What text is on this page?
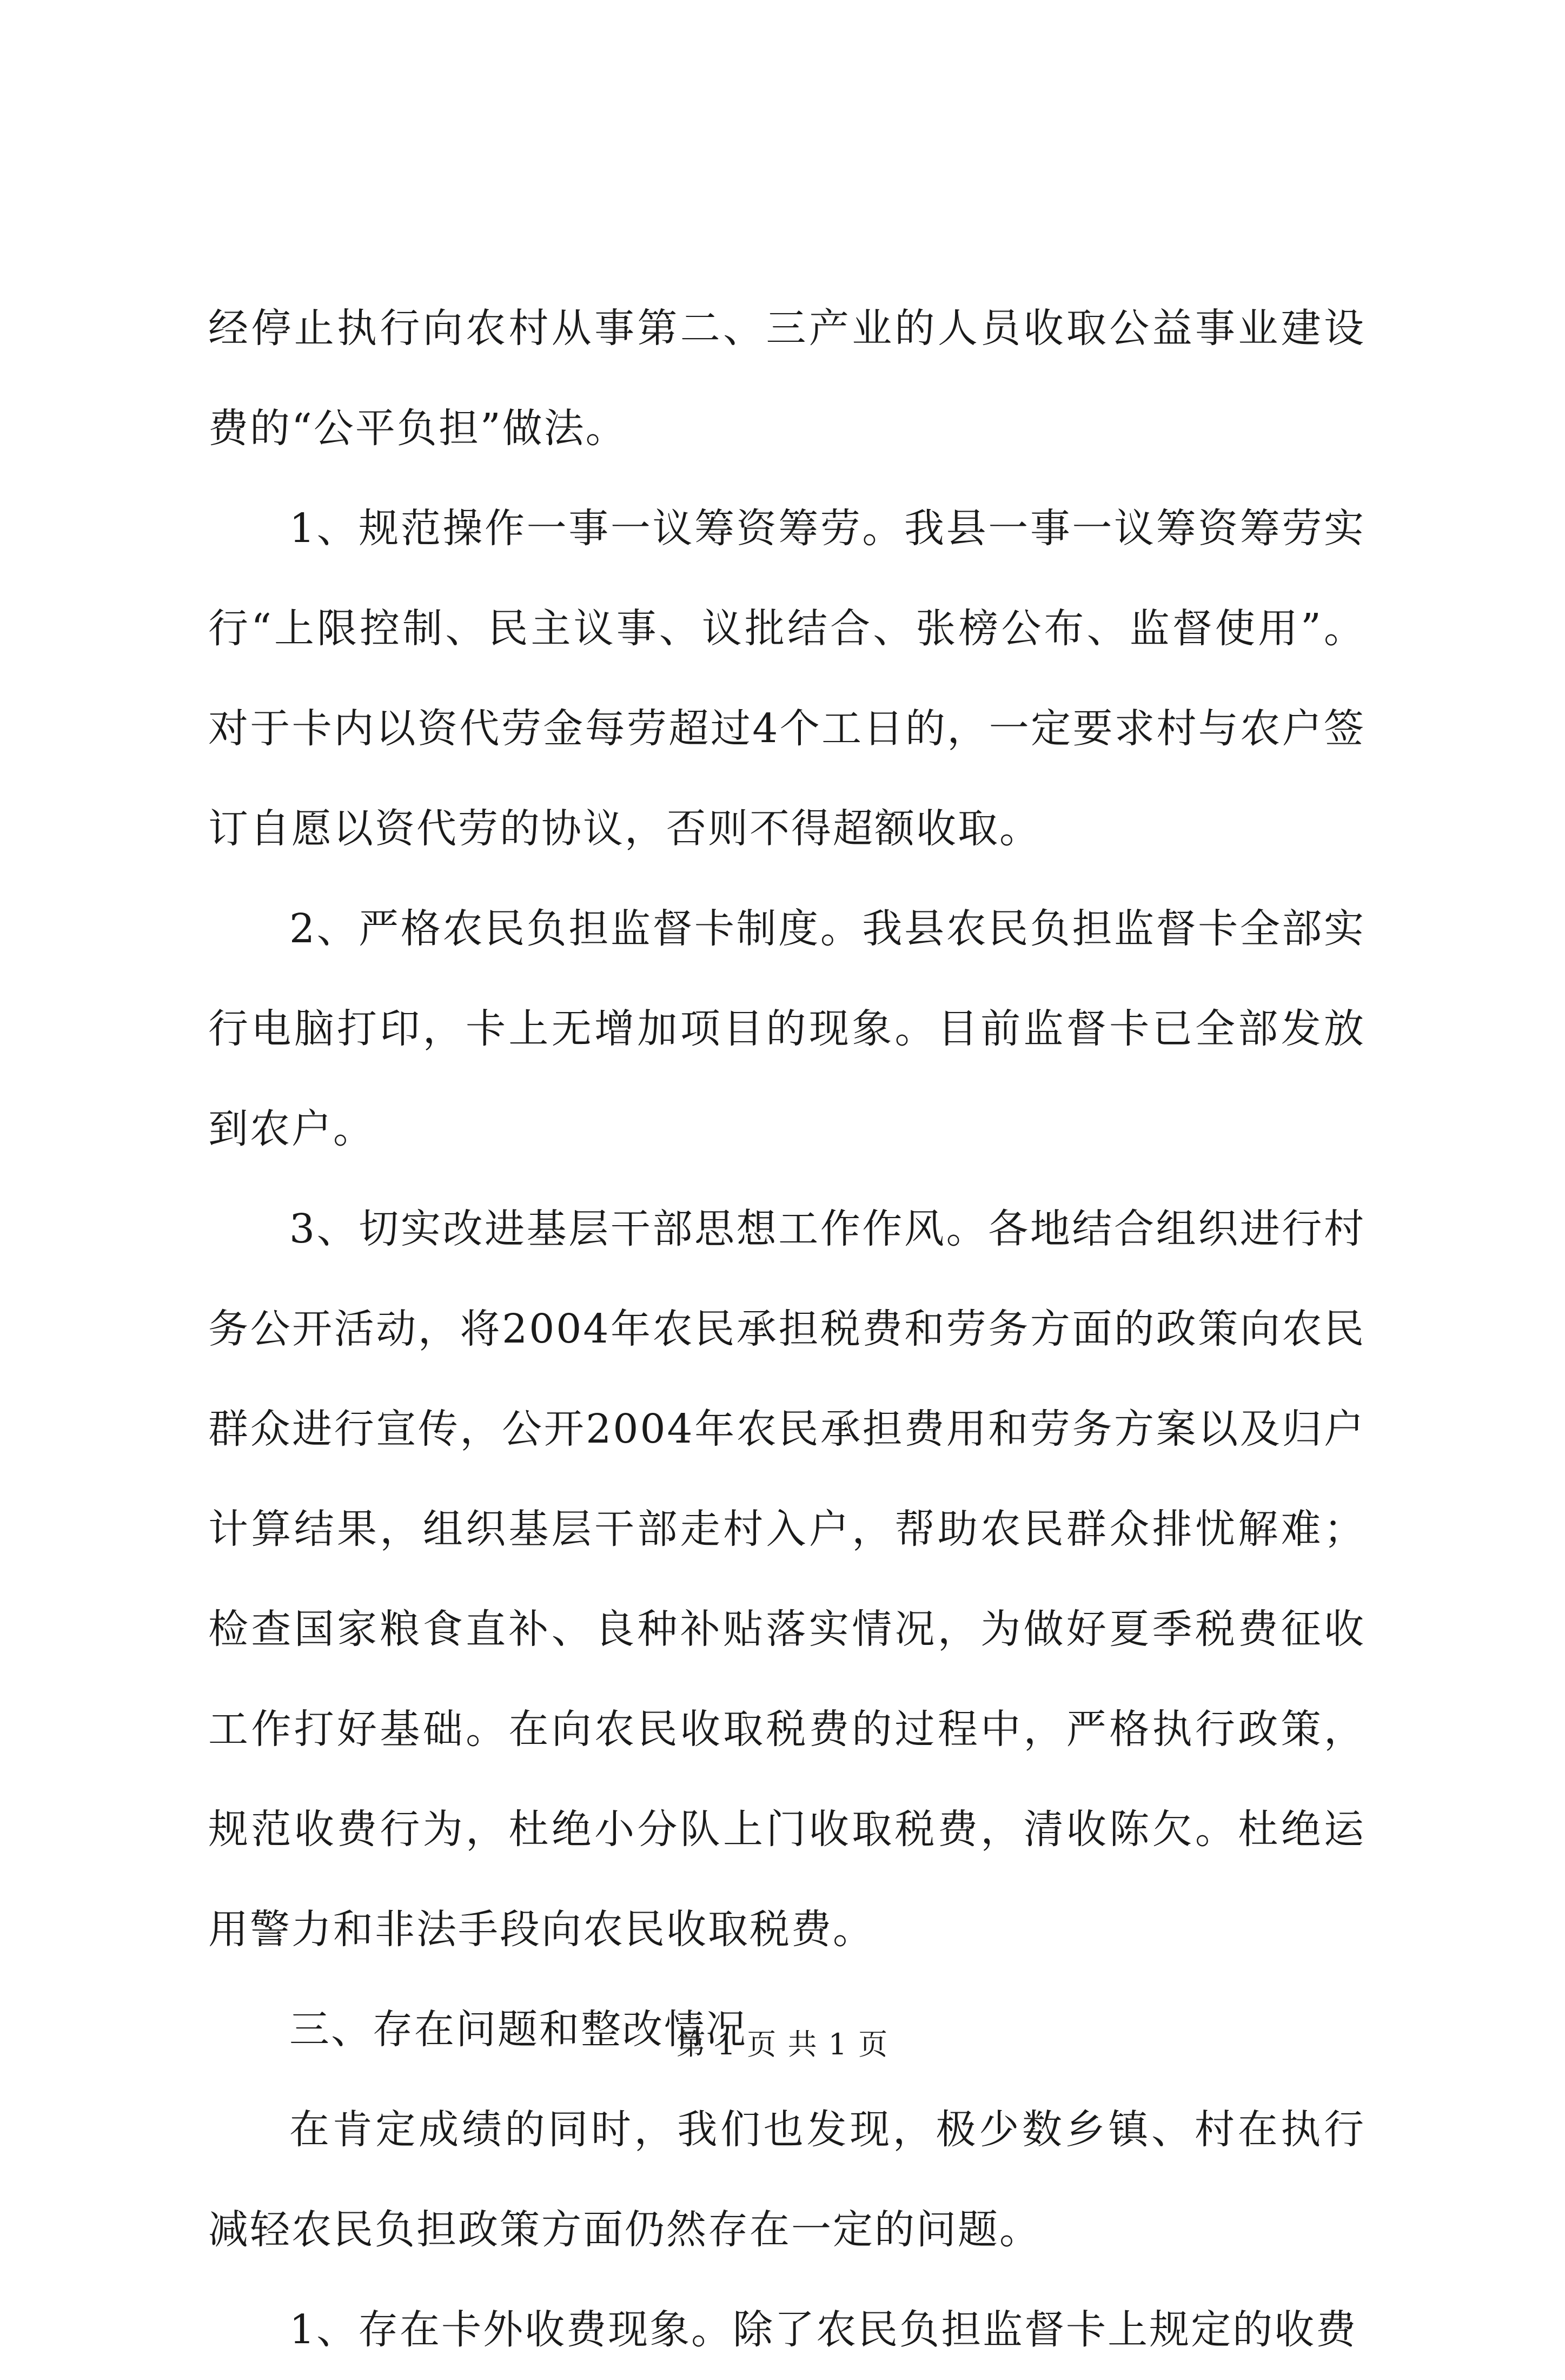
经停止执行向农村从事第二、三产业的人员收取公益事业建设费的“公平负担”做法。

1、规范操作一事一议筹资筹劳。我县一事一议筹资筹劳实行“上限控制、民主议事、议批结合、张榜公布、监督使用”。对于卡内以资代劳金每劳超过4个工日的，一定要求村与农户签订自愿以资代劳的协议，否则不得超额收取。

2、严格农民负担监督卡制度。我县农民负担监督卡全部实行电脑打印，卡上无增加项目的现象。目前监督卡已全部发放到农户。

3、切实改进基层干部思想工作作风。各地结合组织进行村务公开活动，将2004年农民承担税费和劳务方面的政策向农民群众进行宣传，公开2004年农民承担费用和劳务方案以及归户计算结果，组织基层干部走村入户，帮助农民群众排忧解难；检查国家粮食直补、良种补贴落实情况，为做好夏季税费征收工作打好基础。在向农民收取税费的过程中，严格执行政策，规范收费行为，杜绝小分队上门收取税费，清收陈欠。杜绝运用警力和非法手段向农民收取税费。

三、存在问题和整改情况

在肯定成绩的同时，我们也发现，极少数乡镇、村在执行减轻农民负担政策方面仍然存在一定的问题。

1、存在卡外收费现象。除了农民负担监督卡上规定的收费

第 1 页 共 1 页
